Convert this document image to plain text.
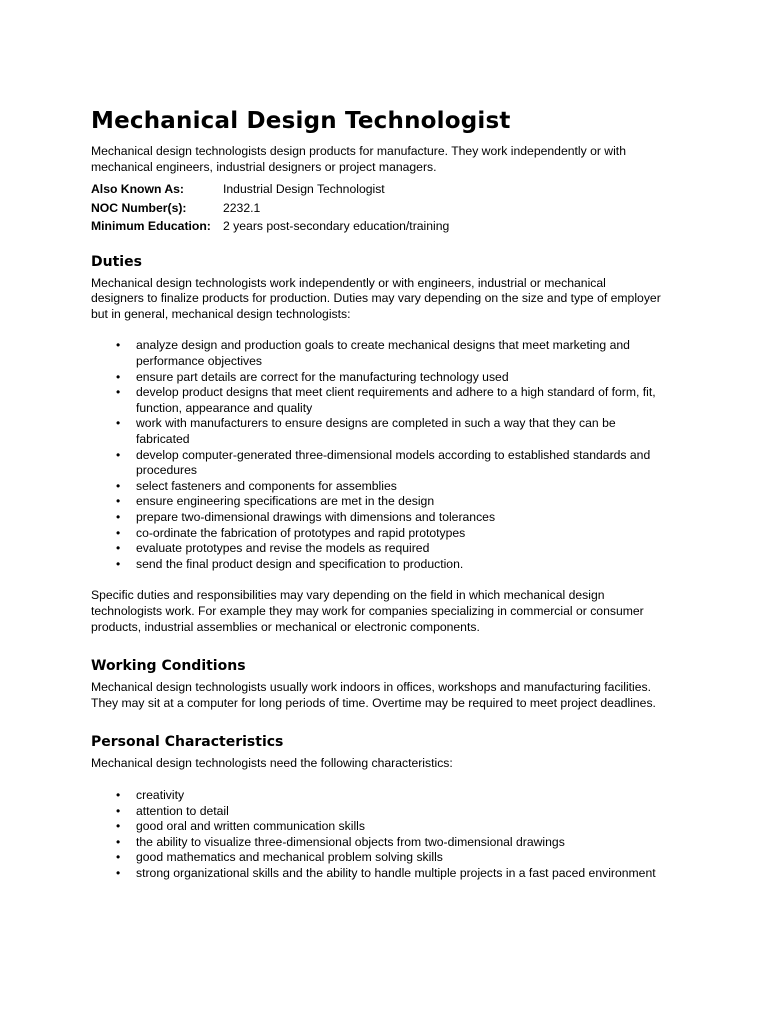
Mechanical Design Technologist

Mechanical design technologists design products for manufacture. They work independently or with mechanical engineers, industrial designers or project managers.

Also Known As:	Industrial Design Technologist
NOC Number(s):	2232.1
Minimum Education: 2 years post-secondary education/training
Duties

Mechanical design technologists work independently or with engineers, industrial or mechanical designers to finalize products for production. Duties may vary depending on the size and type of employer but in general, mechanical design technologists:

• analyze design and production goals to create mechanical designs that meet marketing and performance objectives
• ensure part details are correct for the manufacturing technology used
• develop product designs that meet client requirements and adhere to a high standard of form, fit, function, appearance and quality
• work with manufacturers to ensure designs are completed in such a way that they can be fabricated
• develop computer-generated three-dimensional models according to established standards and procedures
• select fasteners and components for assemblies
• ensure engineering specifications are met in the design
• prepare two-dimensional drawings with dimensions and tolerances
• co-ordinate the fabrication of prototypes and rapid prototypes
• evaluate prototypes and revise the models as required
• send the final product design and specification to production.

Specific duties and responsibilities may vary depending on the field in which mechanical design technologists work. For example they may work for companies specializing in commercial or consumer products, industrial assemblies or mechanical or electronic components.

Working Conditions

Mechanical design technologists usually work indoors in offices, workshops and manufacturing facilities. They may sit at a computer for long periods of time. Overtime may be required to meet project deadlines.

Personal Characteristics

Mechanical design technologists need the following characteristics:

• creativity
• attention to detail
• good oral and written communication skills
• the ability to visualize three-dimensional objects from two-dimensional drawings
• good mathematics and mechanical problem solving skills
• strong organizational skills and the ability to handle multiple projects in a fast paced environment
